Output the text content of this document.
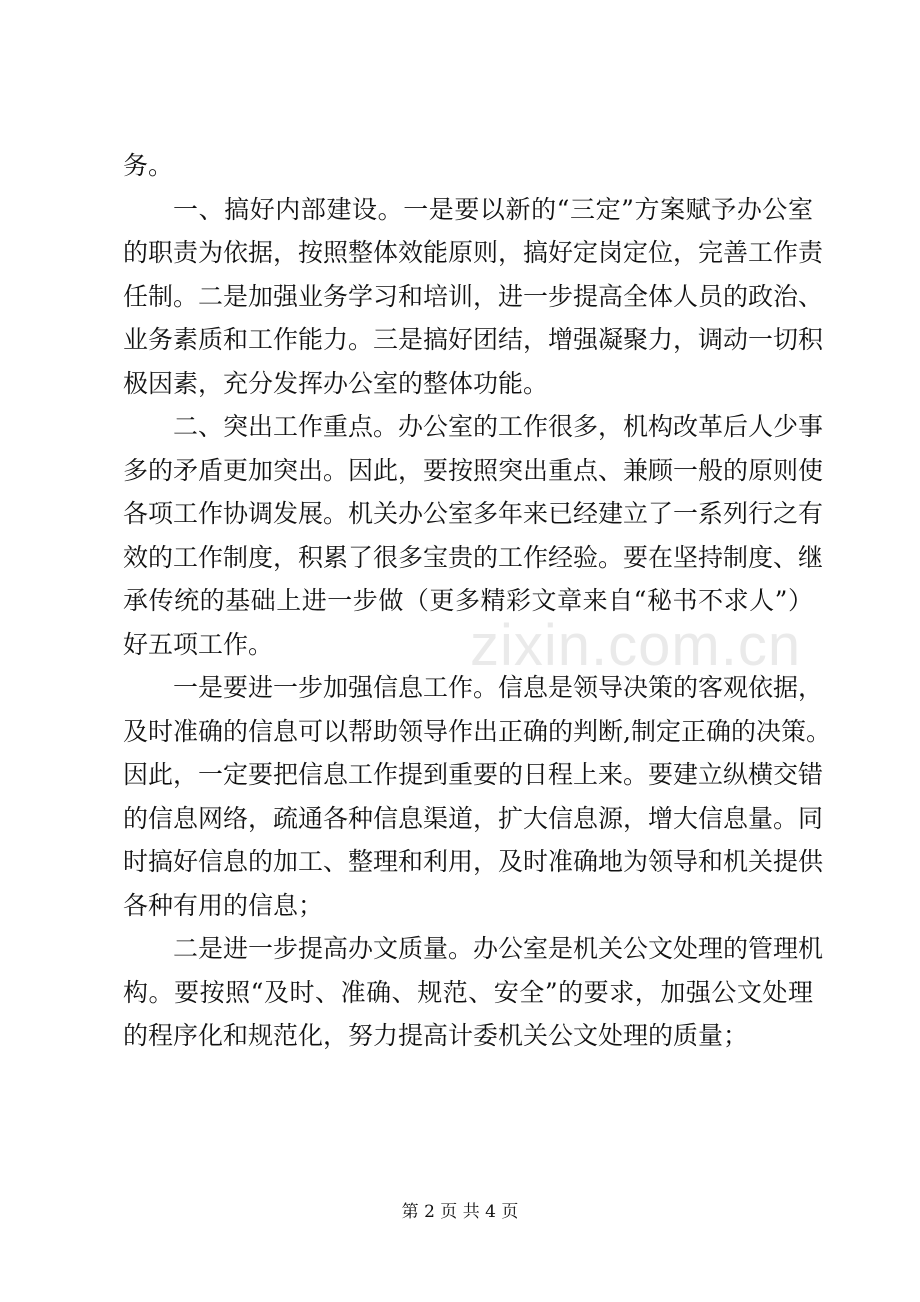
zixin.com.cn
务。
一、搞好内部建设。一是要以新的“三定”方案赋予办公室
的职责为依据，按照整体效能原则，搞好定岗定位，完善工作责
任制。二是加强业务学习和培训，进一步提高全体人员的政治、
业务素质和工作能力。三是搞好团结，增强凝聚力，调动一切积
极因素，充分发挥办公室的整体功能。
二、突出工作重点。办公室的工作很多，机构改革后人少事
多的矛盾更加突出。因此，要按照突出重点、兼顾一般的原则使
各项工作协调发展。机关办公室多年来已经建立了一系列行之有
效的工作制度，积累了很多宝贵的工作经验。要在坚持制度、继
承传统的基础上进一步做（更多精彩文章来自“秘书不求人”）
好五项工作。
一是要进一步加强信息工作。信息是领导决策的客观依据，
及时准确的信息可以帮助领导作出正确的判断,制定正确的决策。
因此，一定要把信息工作提到重要的日程上来。要建立纵横交错
的信息网络，疏通各种信息渠道，扩大信息源，增大信息量。同
时搞好信息的加工、整理和利用，及时准确地为领导和机关提供
各种有用的信息；
二是进一步提高办文质量。办公室是机关公文处理的管理机
构。要按照“及时、准确、规范、安全”的要求，加强公文处理
的程序化和规范化，努力提高计委机关公文处理的质量；
第 2 页 共 4 页
